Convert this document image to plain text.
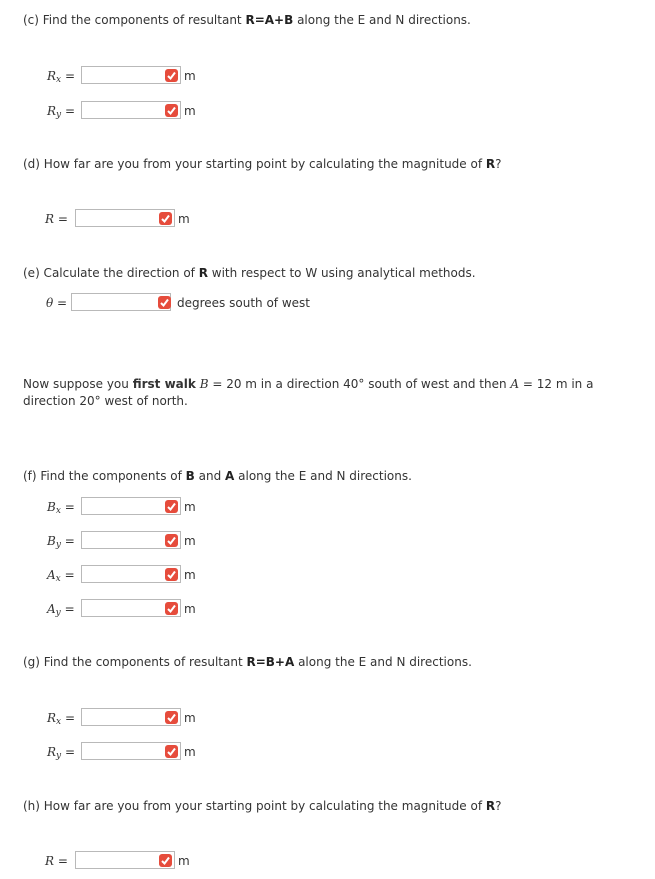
(c) Find the components of resultant R=A+B along the E and N directions.
$R_x$ =	m
$R_y$ =	m
(d) How far are you from your starting point by calculating the magnitude of R?
R =	m
(e) Calculate the direction of R with respect to W using analytical methods.
θ =	degrees south of west
Now suppose you first walk B = 20 m in a direction 40° south of west and then A = 12 m in a
direction 20° west of north.
(f) Find the components of B and A along the E and N directions.
$B_x$ =	m
$B_y$ =	m
$A_x$ =	m
$A_y$ =	m
(g) Find the components of resultant R=B+A along the E and N directions.
$R_x$ =	m
$R_y$ =	m
(h) How far are you from your starting point by calculating the magnitude of R?
R =	m
